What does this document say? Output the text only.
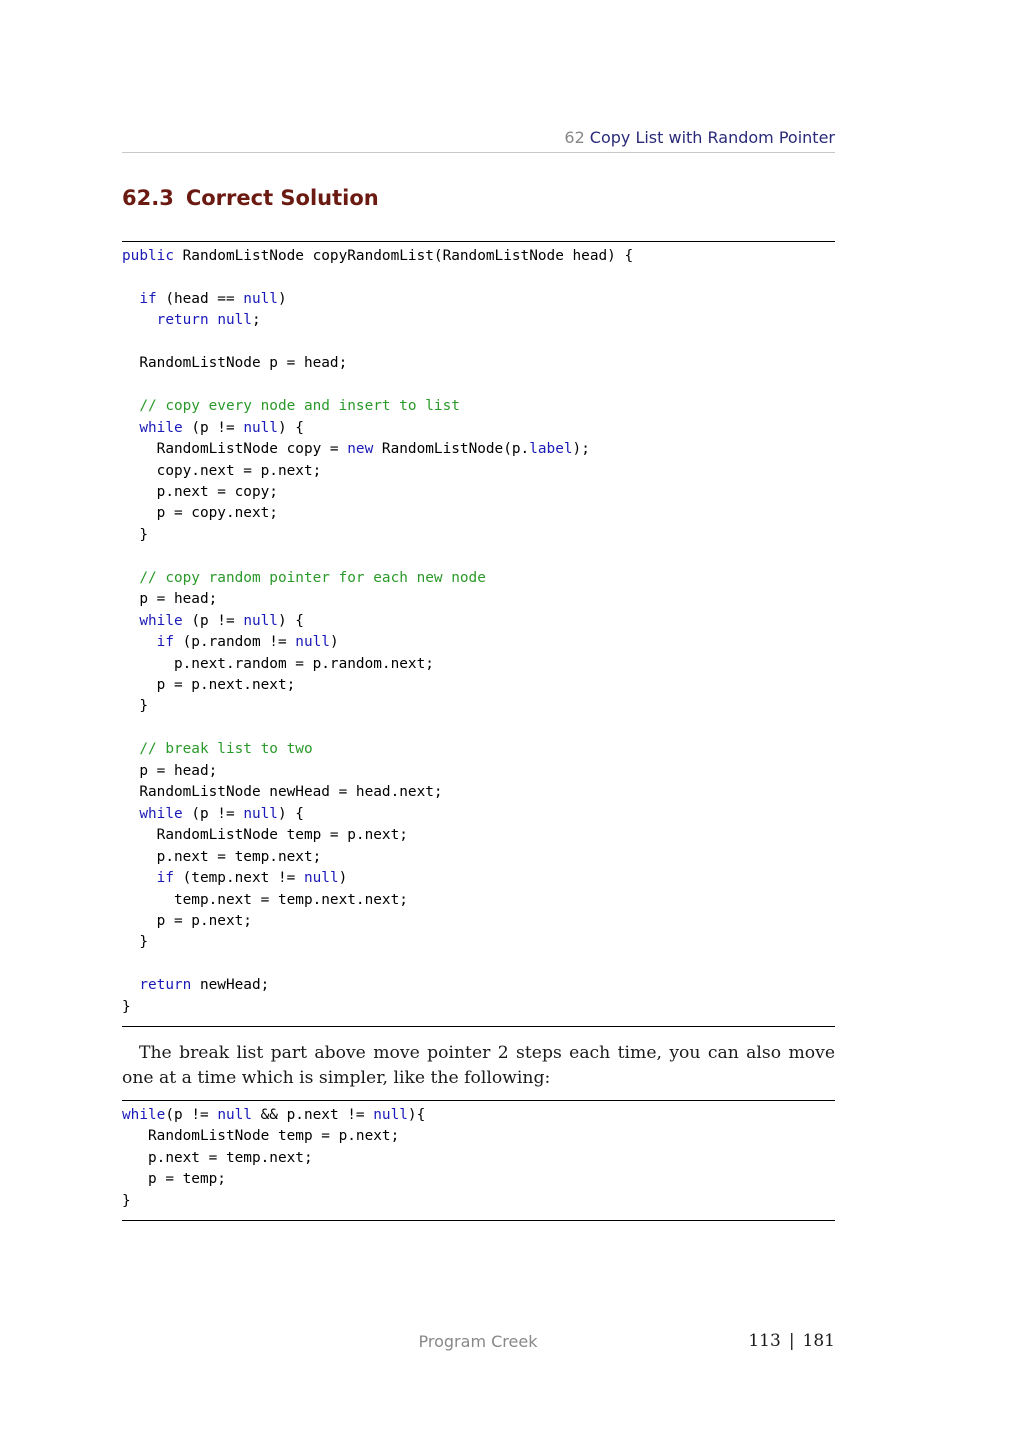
62 Copy List with Random Pointer
62.3 Correct Solution
public RandomListNode copyRandomList(RandomListNode head) {
if (head == null)
return null;
RandomListNode p = head;
// copy every node and insert to list
while (p != null) {
RandomListNode copy = new RandomListNode(p.label);
copy.next = p.next;
p.next = copy;
p = copy.next;
}
// copy random pointer for each new node
p = head;
while (p != null) {
if (p.random != null)
p.next.random = p.random.next;
p = p.next.next;
}
// break list to two
p = head;
RandomListNode newHead = head.next;
while (p != null) {
RandomListNode temp = p.next;
p.next = temp.next;
if (temp.next != null)
temp.next = temp.next.next;
p = p.next;
}
return newHead;
}

The break list part above move pointer 2 steps each time, you can also move one at a time which is simpler, like the following:

while(p != null && p.next != null){
RandomListNode temp = p.next;
p.next = temp.next;
p = temp;
}
Program Creek	113 | 181
